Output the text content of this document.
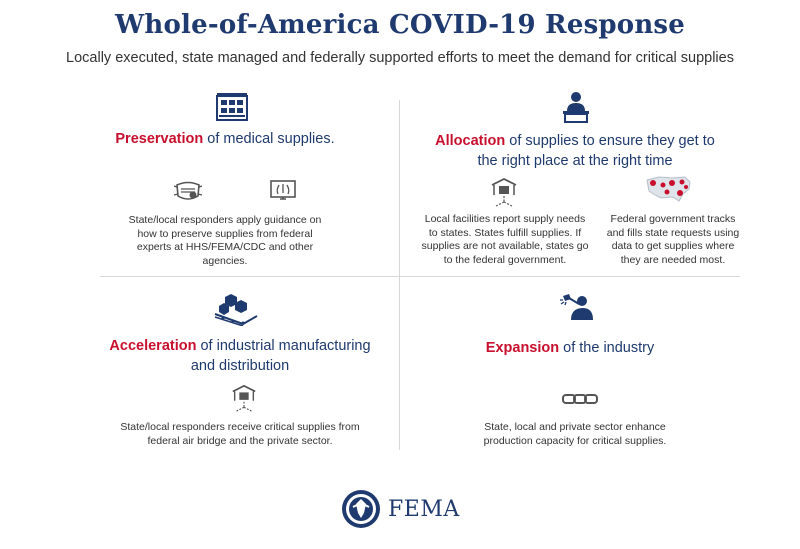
Whole-of-America COVID-19 Response
Locally executed, state managed and federally supported efforts to meet the demand for critical supplies
Preservation of medical supplies.
State/local responders apply guidance on how to preserve supplies from federal experts at HHS/FEMA/CDC and other agencies.
Allocation of supplies to ensure they get to
the right place at the right time
Local facilities report supply needs to states. States fulfill supplies. If supplies are not available, states go to the federal government.
Federal government tracks and fills state requests using data to get supplies where they are needed most.
Acceleration of industrial manufacturing
and distribution
State/local responders receive critical supplies from federal air bridge and the private sector.
Expansion of the industry
State, local and private sector enhance production capacity for critical supplies.
FEMA
